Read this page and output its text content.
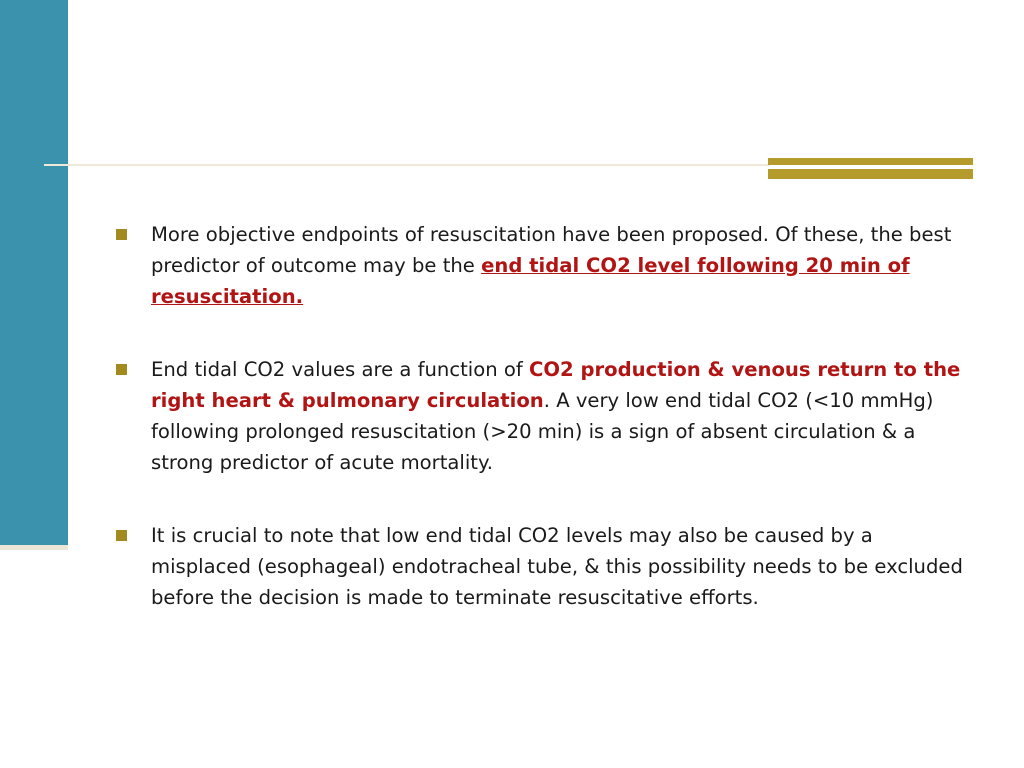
More objective endpoints of resuscitation have been proposed. Of these, the best predictor of outcome may be the end tidal CO2 level following 20 min of resuscitation.
End tidal CO2 values are a function of CO2 production & venous return to the right heart & pulmonary circulation. A very low end tidal CO2 (<10 mmHg) following prolonged resuscitation (>20 min) is a sign of absent circulation & a strong predictor of acute mortality.
It is crucial to note that low end tidal CO2 levels may also be caused by a misplaced (esophageal) endotracheal tube, & this possibility needs to be excluded before the decision is made to terminate resuscitative efforts.
